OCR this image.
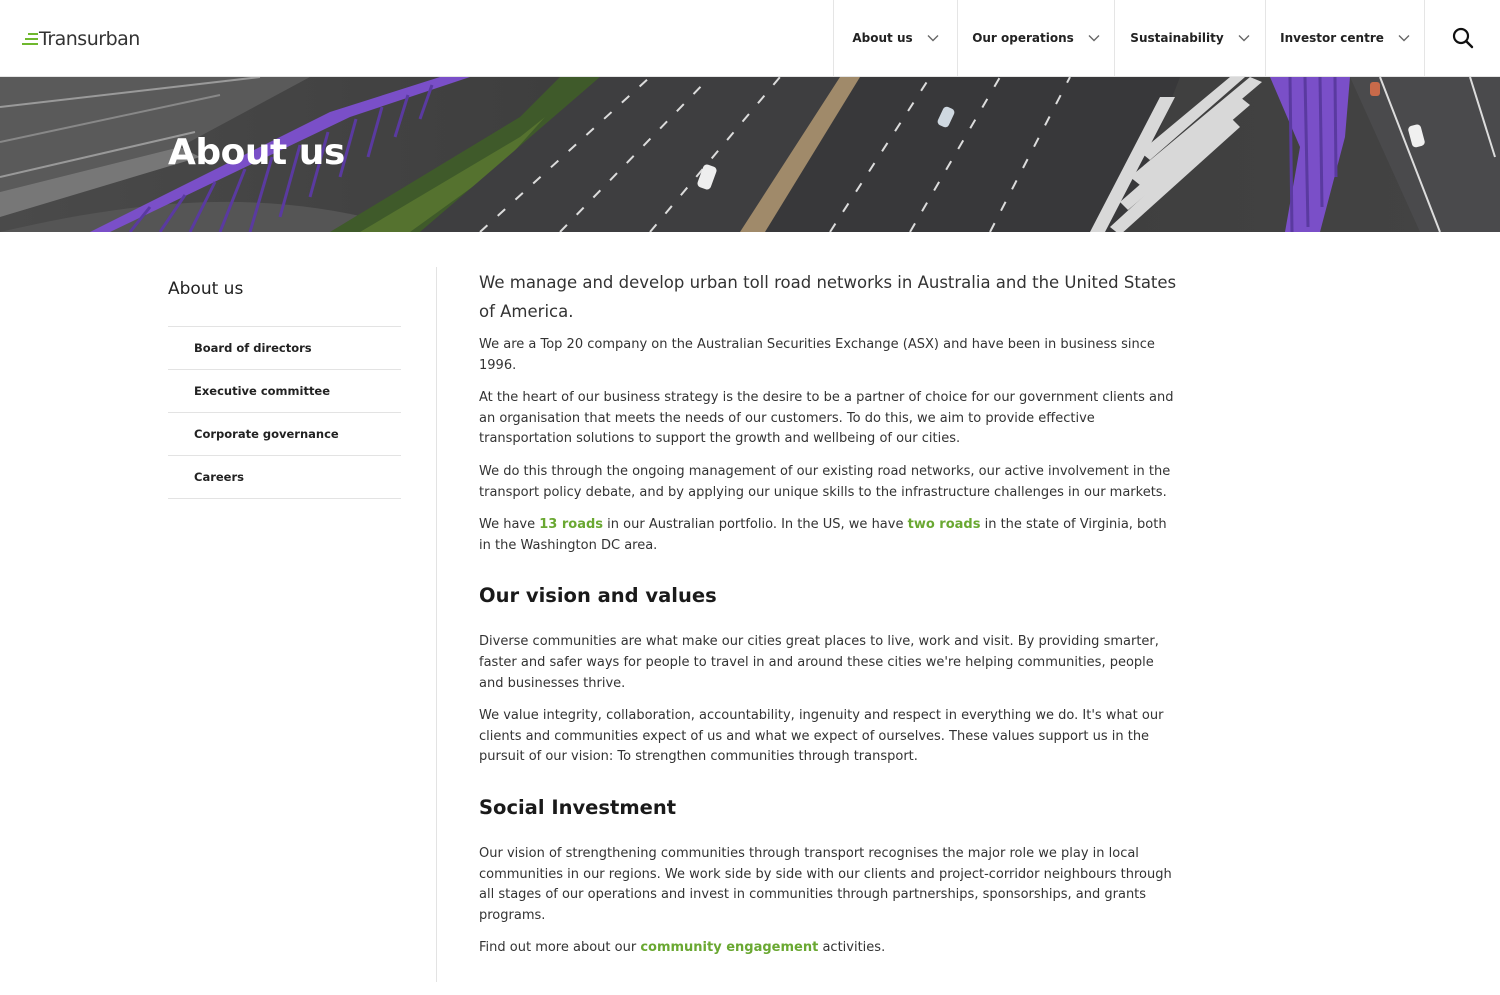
Transurban	About us	Our operations	Sustainability	Investor centre
About us
About us
Board of directors
Executive committee
Corporate governance
Careers
We manage and develop urban toll road networks in Australia and the United States of America.
We are a Top 20 company on the Australian Securities Exchange (ASX) and have been in business since 1996.
At the heart of our business strategy is the desire to be a partner of choice for our government clients and an organisation that meets the needs of our customers. To do this, we aim to provide effective transportation solutions to support the growth and wellbeing of our cities.
We do this through the ongoing management of our existing road networks, our active involvement in the transport policy debate, and by applying our unique skills to the infrastructure challenges in our markets.
We have 13 roads in our Australian portfolio. In the US, we have two roads in the state of Virginia, both in the Washington DC area.
Our vision and values
Diverse communities are what make our cities great places to live, work and visit. By providing smarter, faster and safer ways for people to travel in and around these cities we're helping communities, people and businesses thrive.
We value integrity, collaboration, accountability, ingenuity and respect in everything we do. It's what our clients and communities expect of us and what we expect of ourselves. These values support us in the pursuit of our vision: To strengthen communities through transport.
Social Investment
Our vision of strengthening communities through transport recognises the major role we play in local communities in our regions. We work side by side with our clients and project-corridor neighbours through all stages of our operations and invest in communities through partnerships, sponsorships, and grants programs.
Find out more about our community engagement activities.
